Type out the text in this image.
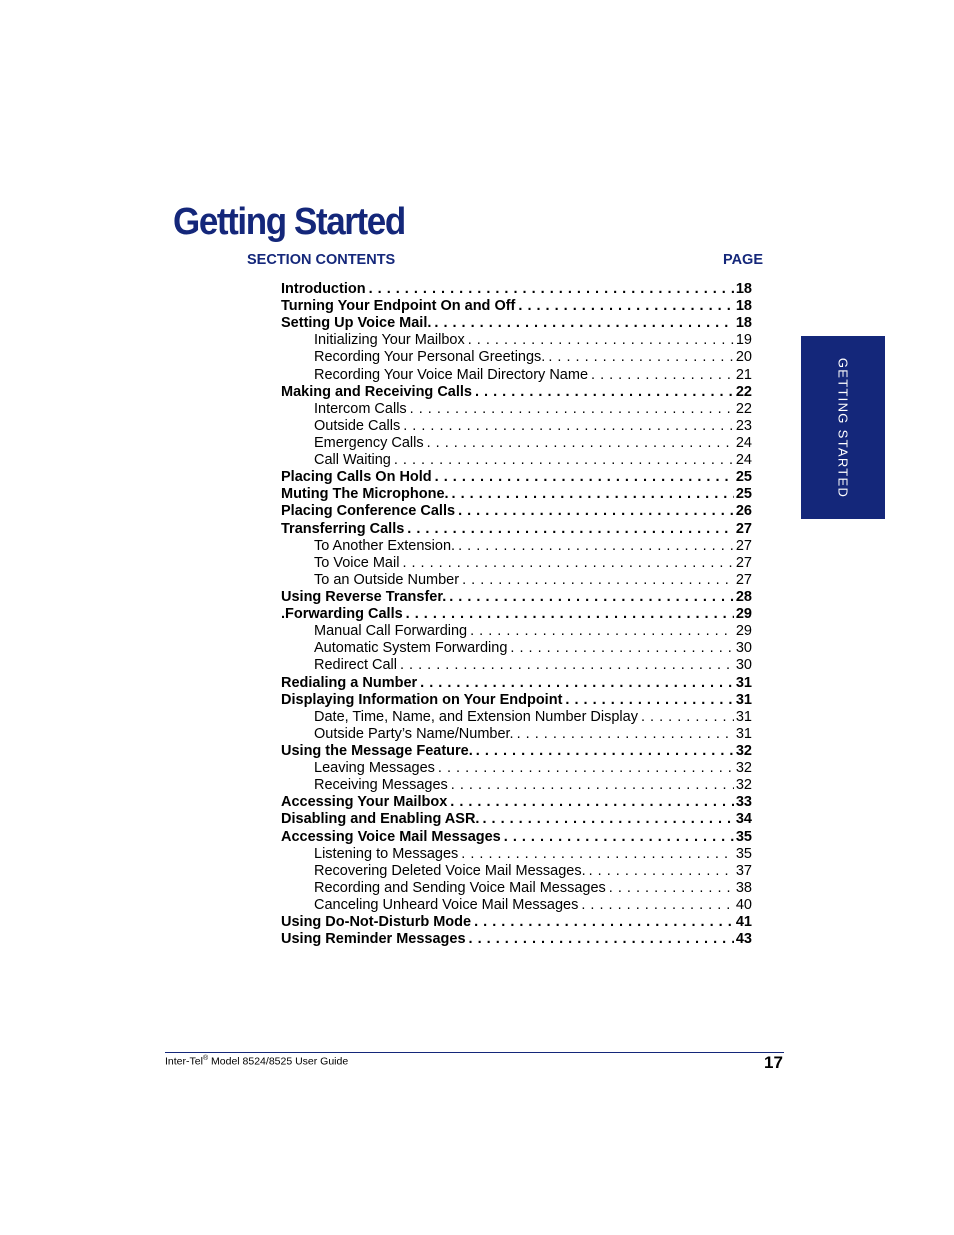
Getting Started
SECTION CONTENTS	PAGE
Introduction . . .	18
Turning Your Endpoint On and Off . . .	18
Setting Up Voice Mail. . . .	18
Initializing Your Mailbox . . .	19
Recording Your Personal Greetings. . . .	20
Recording Your Voice Mail Directory Name . . .	21
Making and Receiving Calls . . .	22
Intercom Calls . . .	22
Outside Calls . . .	23
Emergency Calls . . .	24
Call Waiting . . .	24
Placing Calls On Hold . . .	25
Muting The Microphone. . . .	25
Placing Conference Calls . . .	26
Transferring Calls . . .	27
To Another Extension. . . .	27
To Voice Mail . . .	27
To an Outside Number . . .	27
Using Reverse Transfer. . . .	28
.Forwarding Calls . . .	29
Manual Call Forwarding . . .	29
Automatic System Forwarding . . .	30
Redirect Call . . .	30
Redialing a Number . . .	31
Displaying Information on Your Endpoint . . .	31
Date, Time, Name, and Extension Number Display . . .	31
Outside Party’s Name/Number. . . .	31
Using the Message Feature. . . .	32
Leaving Messages . . .	32
Receiving Messages . . .	32
Accessing Your Mailbox . . .	33
Disabling and Enabling ASR. . . .	34
Accessing Voice Mail Messages . . .	35
Listening to Messages . . .	35
Recovering Deleted Voice Mail Messages. . . .	37
Recording and Sending Voice Mail Messages . . .	38
Canceling Unheard Voice Mail Messages . . .	40
Using Do-Not-Disturb Mode . . .	41
Using Reminder Messages . . .	43
GETTING STARTED
Inter-Tel® Model 8524/8525 User Guide	17
